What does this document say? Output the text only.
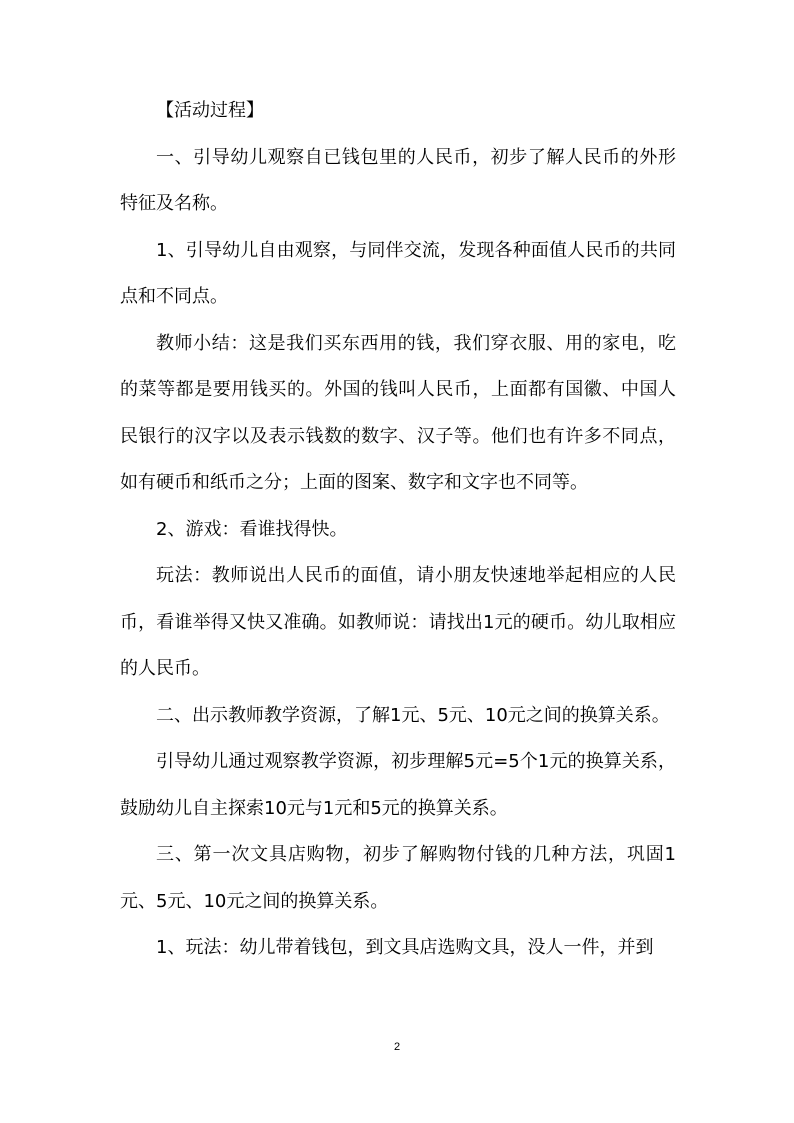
【活动过程】

一、引导幼儿观察自已钱包里的人民币，初步了解人民币的外形特征及名称。

1、引导幼儿自由观察，与同伴交流，发现各种面值人民币的共同点和不同点。

教师小结：这是我们买东西用的钱，我们穿衣服、用的家电，吃的菜等都是要用钱买的。外国的钱叫人民币，上面都有国徽、中国人民银行的汉字以及表示钱数的数字、汉子等。他们也有许多不同点，如有硬币和纸币之分；上面的图案、数字和文字也不同等。

2、游戏：看谁找得快。

玩法：教师说出人民币的面值，请小朋友快速地举起相应的人民币，看谁举得又快又准确。如教师说：请找出1元的硬币。幼儿取相应的人民币。

二、出示教师教学资源，了解1元、5元、10元之间的换算关系。

引导幼儿通过观察教学资源，初步理解5元=5个1元的换算关系，鼓励幼儿自主探索10元与1元和5元的换算关系。

三、第一次文具店购物，初步了解购物付钱的几种方法，巩固1元、5元、10元之间的换算关系。

1、玩法：幼儿带着钱包，到文具店选购文具，没人一件，并到

2
